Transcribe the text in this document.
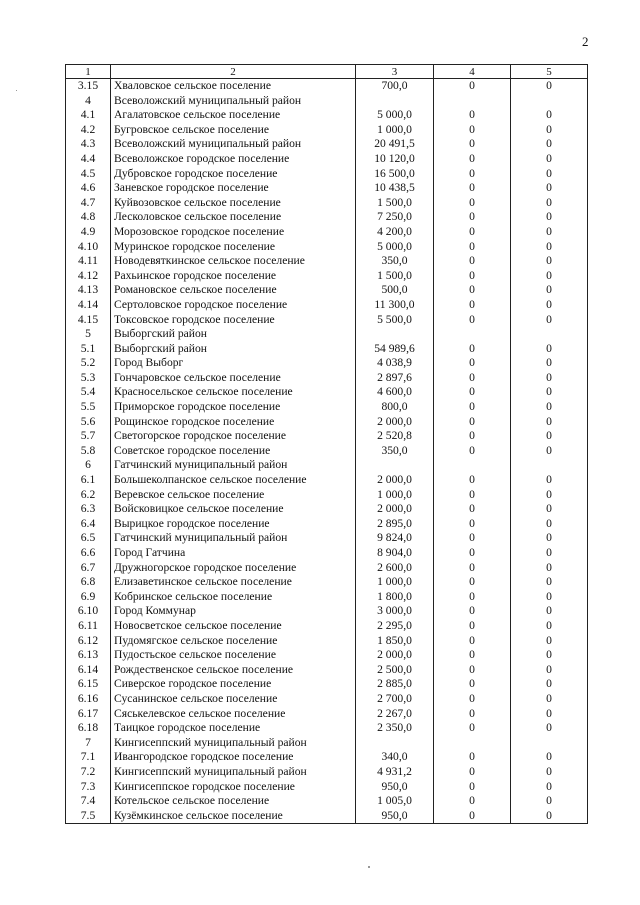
2
1	2	3	4	5
3.15	Хваловское сельское поселение	700,0	0	0
4	Всеволожский муниципальный район			
4.1	Агалатовское сельское поселение	5 000,0	0	0
4.2	Бугровское сельское поселение	1 000,0	0	0
4.3	Всеволожский муниципальный район	20 491,5	0	0
4.4	Всеволожское городское поселение	10 120,0	0	0
4.5	Дубровское городское поселение	16 500,0	0	0
4.6	Заневское городское поселение	10 438,5	0	0
4.7	Куйвозовское сельское поселение	1 500,0	0	0
4.8	Лесколовское сельское поселение	7 250,0	0	0
4.9	Морозовское городское поселение	4 200,0	0	0
4.10	Муринское городское поселение	5 000,0	0	0
4.11	Новодевяткинское сельское поселение	350,0	0	0
4.12	Рахьинское городское поселение	1 500,0	0	0
4.13	Романовское сельское поселение	500,0	0	0
4.14	Сертоловское городское поселение	11 300,0	0	0
4.15	Токсовское городское поселение	5 500,0	0	0
5	Выборгский район			
5.1	Выборгский район	54 989,6	0	0
5.2	Город Выборг	4 038,9	0	0
5.3	Гончаровское сельское поселение	2 897,6	0	0
5.4	Красносельское сельское поселение	4 600,0	0	0
5.5	Приморское городское поселение	800,0	0	0
5.6	Рощинское городское поселение	2 000,0	0	0
5.7	Светогорское городское поселение	2 520,8	0	0
5.8	Советское городское поселение	350,0	0	0
6	Гатчинский муниципальный район			
6.1	Большеколпанское сельское поселение	2 000,0	0	0
6.2	Веревское сельское поселение	1 000,0	0	0
6.3	Войсковицкое сельское поселение	2 000,0	0	0
6.4	Вырицкое городское поселение	2 895,0	0	0
6.5	Гатчинский муниципальный район	9 824,0	0	0
6.6	Город Гатчина	8 904,0	0	0
6.7	Дружногорское городское поселение	2 600,0	0	0
6.8	Елизаветинское сельское поселение	1 000,0	0	0
6.9	Кобринское сельское поселение	1 800,0	0	0
6.10	Город Коммунар	3 000,0	0	0
6.11	Новосветское сельское поселение	2 295,0	0	0
6.12	Пудомягское сельское поселение	1 850,0	0	0
6.13	Пудостьское сельское поселение	2 000,0	0	0
6.14	Рождественское сельское поселение	2 500,0	0	0
6.15	Сиверское городское поселение	2 885,0	0	0
6.16	Сусанинское сельское поселение	2 700,0	0	0
6.17	Сяськелевское сельское поселение	2 267,0	0	0
6.18	Таицкое городское поселение	2 350,0	0	0
7	Кингисеппский муниципальный район			
7.1	Ивангородское городское поселение	340,0	0	0
7.2	Кингисеппский муниципальный район	4 931,2	0	0
7.3	Кингисеппское городское поселение	950,0	0	0
7.4	Котельское сельское поселение	1 005,0	0	0
7.5	Кузёмкинское сельское поселение	950,0	0	0
